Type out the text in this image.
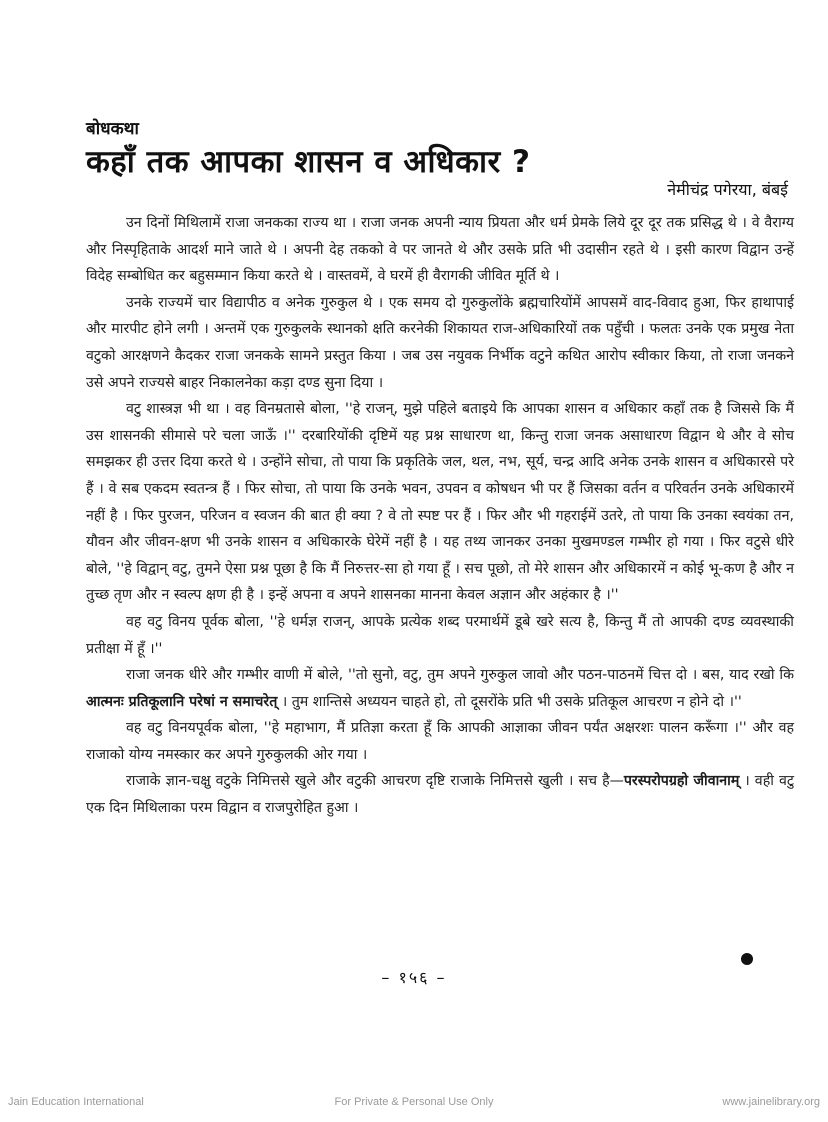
बोधकथा
कहाँ तक आपका शासन व अधिकार ?
नेमीचंद्र पगेरया, बंबई

उन दिनों मिथिलामें राजा जनकका राज्य था । राजा जनक अपनी न्याय प्रियता और धर्म प्रेमके लिये दूर दूर तक प्रसिद्ध थे । वे वैराग्य और निस्पृहिताके आदर्श माने जाते थे । अपनी देह तकको वे पर जानते थे और उसके प्रति भी उदासीन रहते थे । इसी कारण विद्वान उन्हें विदेह सम्बोधित कर बहुसम्मान किया करते थे । वास्तवमें, वे घरमें ही वैरागकी जीवित मूर्ति थे ।

उनके राज्यमें चार विद्यापीठ व अनेक गुरुकुल थे । एक समय दो गुरुकुलोंके ब्रह्मचारियोंमें आपसमें वाद-विवाद हुआ, फिर हाथापाई और मारपीट होने लगी । अन्तमें एक गुरुकुलके स्थानको क्षति करनेकी शिकायत राज-अधिकारियों तक पहुँची । फलतः उनके एक प्रमुख नेता वटुको आरक्षणने कैदकर राजा जनकके सामने प्रस्तुत किया । जब उस नयुवक निर्भीक वटुने कथित आरोप स्वीकार किया, तो राजा जनकने उसे अपने राज्यसे बाहर निकालनेका कड़ा दण्ड सुना दिया ।

वटु शास्त्रज्ञ भी था । वह विनम्रतासे बोला, ''हे राजन्, मुझे पहिले बताइये कि आपका शासन व अधिकार कहाँ तक है जिससे कि मैं उस शासनकी सीमासे परे चला जाऊँ ।'' दरबारियोंकी दृष्टिमें यह प्रश्न साधारण था, किन्तु राजा जनक असाधारण विद्वान थे और वे सोच समझकर ही उत्तर दिया करते थे । उन्होंने सोचा, तो पाया कि प्रकृतिके जल, थल, नभ, सूर्य, चन्द्र आदि अनेक उनके शासन व अधिकारसे परे हैं । वे सब एकदम स्वतन्त्र हैं । फिर सोचा, तो पाया कि उनके भवन, उपवन व कोषधन भी पर हैं जिसका वर्तन व परिवर्तन उनके अधिकारमें नहीं है । फिर पुरजन, परिजन व स्वजन की बात ही क्या ? वे तो स्पष्ट पर हैं । फिर और भी गहराईमें उतरे, तो पाया कि उनका स्वयंका तन, यौवन और जीवन-क्षण भी उनके शासन व अधिकारके घेरेमें नहीं है । यह तथ्य जानकर उनका मुखमण्डल गम्भीर हो गया । फिर वटुसे धीरे बोले, ''हे विद्वान् वटु, तुमने ऐसा प्रश्न पूछा है कि मैं निरुत्तर-सा हो गया हूँ । सच पूछो, तो मेरे शासन और अधिकारमें न कोई भू-कण है और न तुच्छ तृण और न स्वल्प क्षण ही है । इन्हें अपना व अपने शासनका मानना केवल अज्ञान और अहंकार है ।''

वह वटु विनय पूर्वक बोला, ''हे धर्मज्ञ राजन्, आपके प्रत्येक शब्द परमार्थमें डूबे खरे सत्य है, किन्तु मैं तो आपकी दण्ड व्यवस्थाकी प्रतीक्षा में हूँ ।''

राजा जनक धीरे और गम्भीर वाणी में बोले, ''तो सुनो, वटु, तुम अपने गुरुकुल जावो और पठन-पाठनमें चित्त दो । बस, याद रखो कि आत्मनः प्रतिकूलानि परेषां न समाचरेत् । तुम शान्तिसे अध्ययन चाहते हो, तो दूसरोंके प्रति भी उसके प्रतिकूल आचरण न होने दो ।''

वह वटु विनयपूर्वक बोला, ''हे महाभाग, मैं प्रतिज्ञा करता हूँ कि आपकी आज्ञाका जीवन पर्यंत अक्षरशः पालन करूँगा ।'' और वह राजाको योग्य नमस्कार कर अपने गुरुकुलकी ओर गया ।

राजाके ज्ञान-चक्षु वटुके निमित्तसे खुले और वटुकी आचरण दृष्टि राजाके निमित्तसे खुली । सच है—परस्परोपग्रहो जीवानाम् । वही वटु एक दिन मिथिलाका परम विद्वान व राजपुरोहित हुआ ।

– १५६ –
Jain Education International	For Private & Personal Use Only	www.jainelibrary.org
